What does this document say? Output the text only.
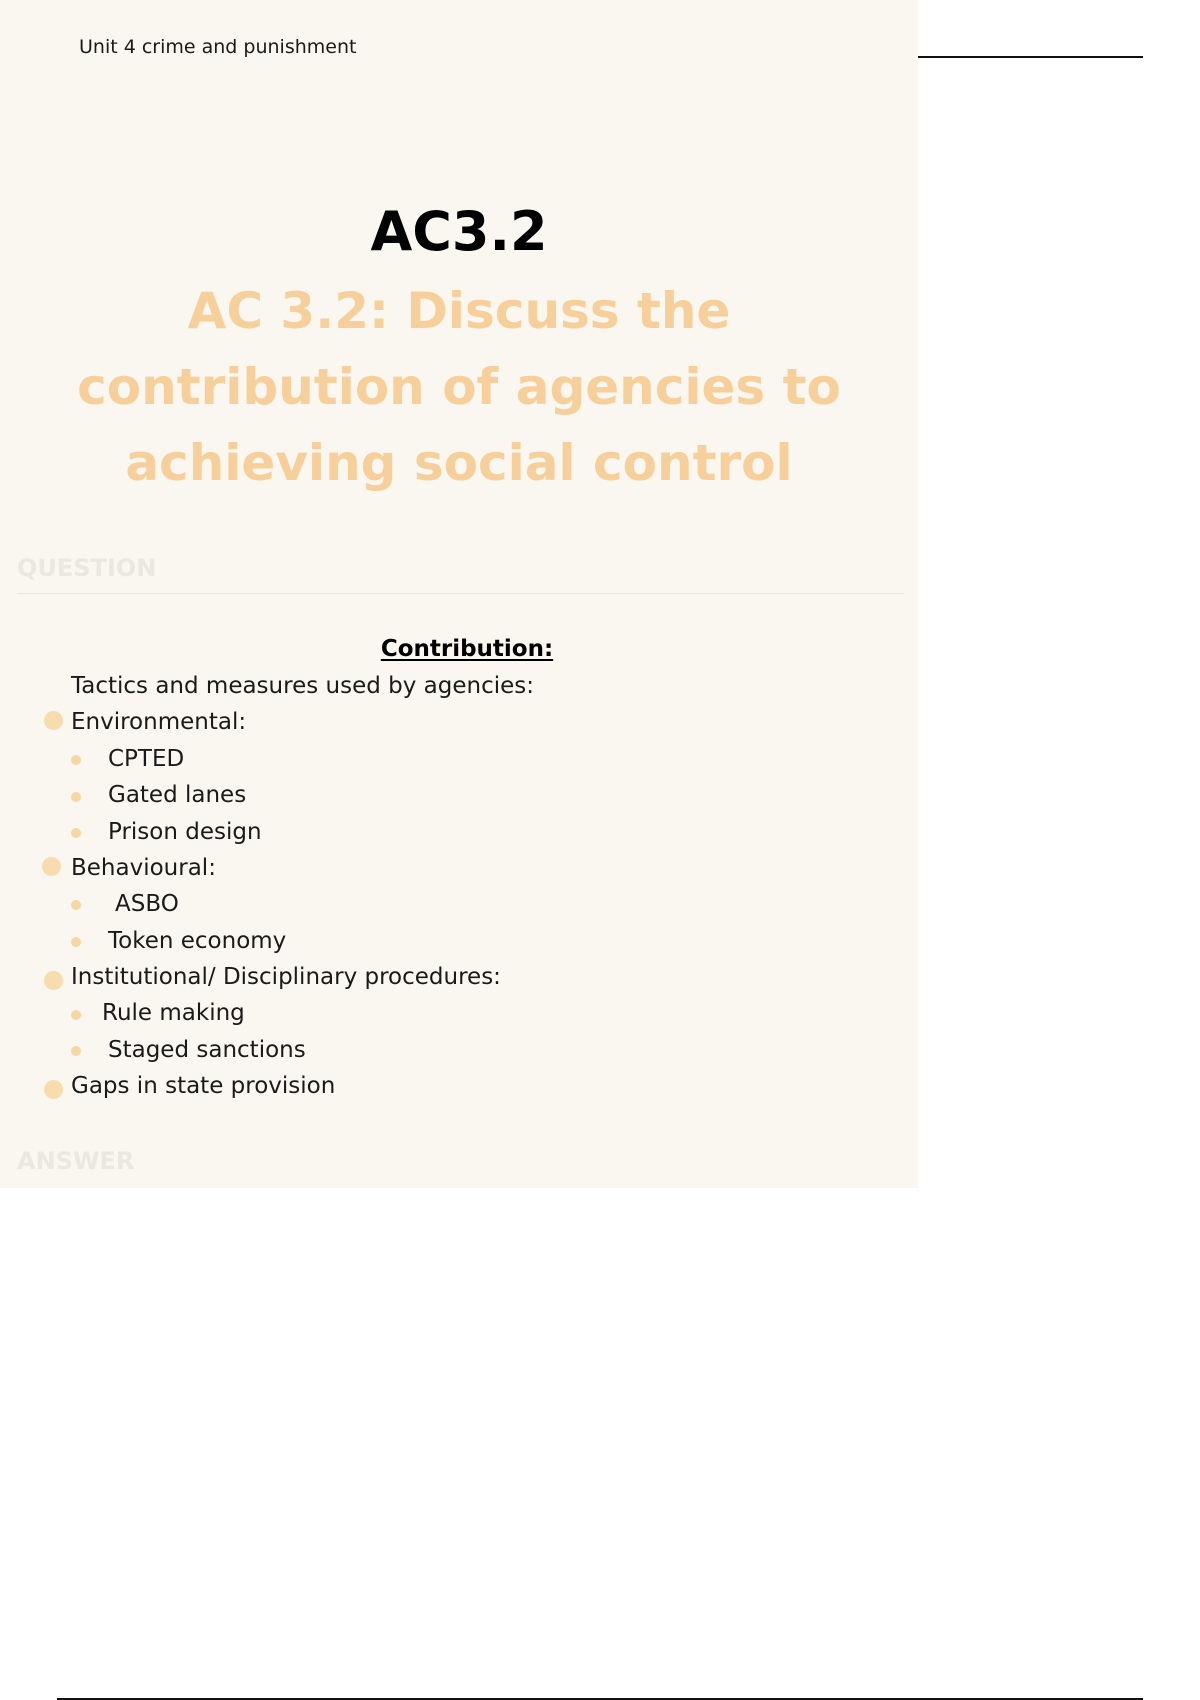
Unit 4 crime and punishment
AC3.2
AC 3.2: Discuss the contribution of agencies to achieving social control
QUESTION
Contribution:
Tactics and measures used by agencies:
Environmental:
CPTED
Gated lanes
Prison design
Behavioural:
ASBO
Token economy
Institutional/ Disciplinary procedures:
Rule making
Staged sanctions
Gaps in state provision
ANSWER
